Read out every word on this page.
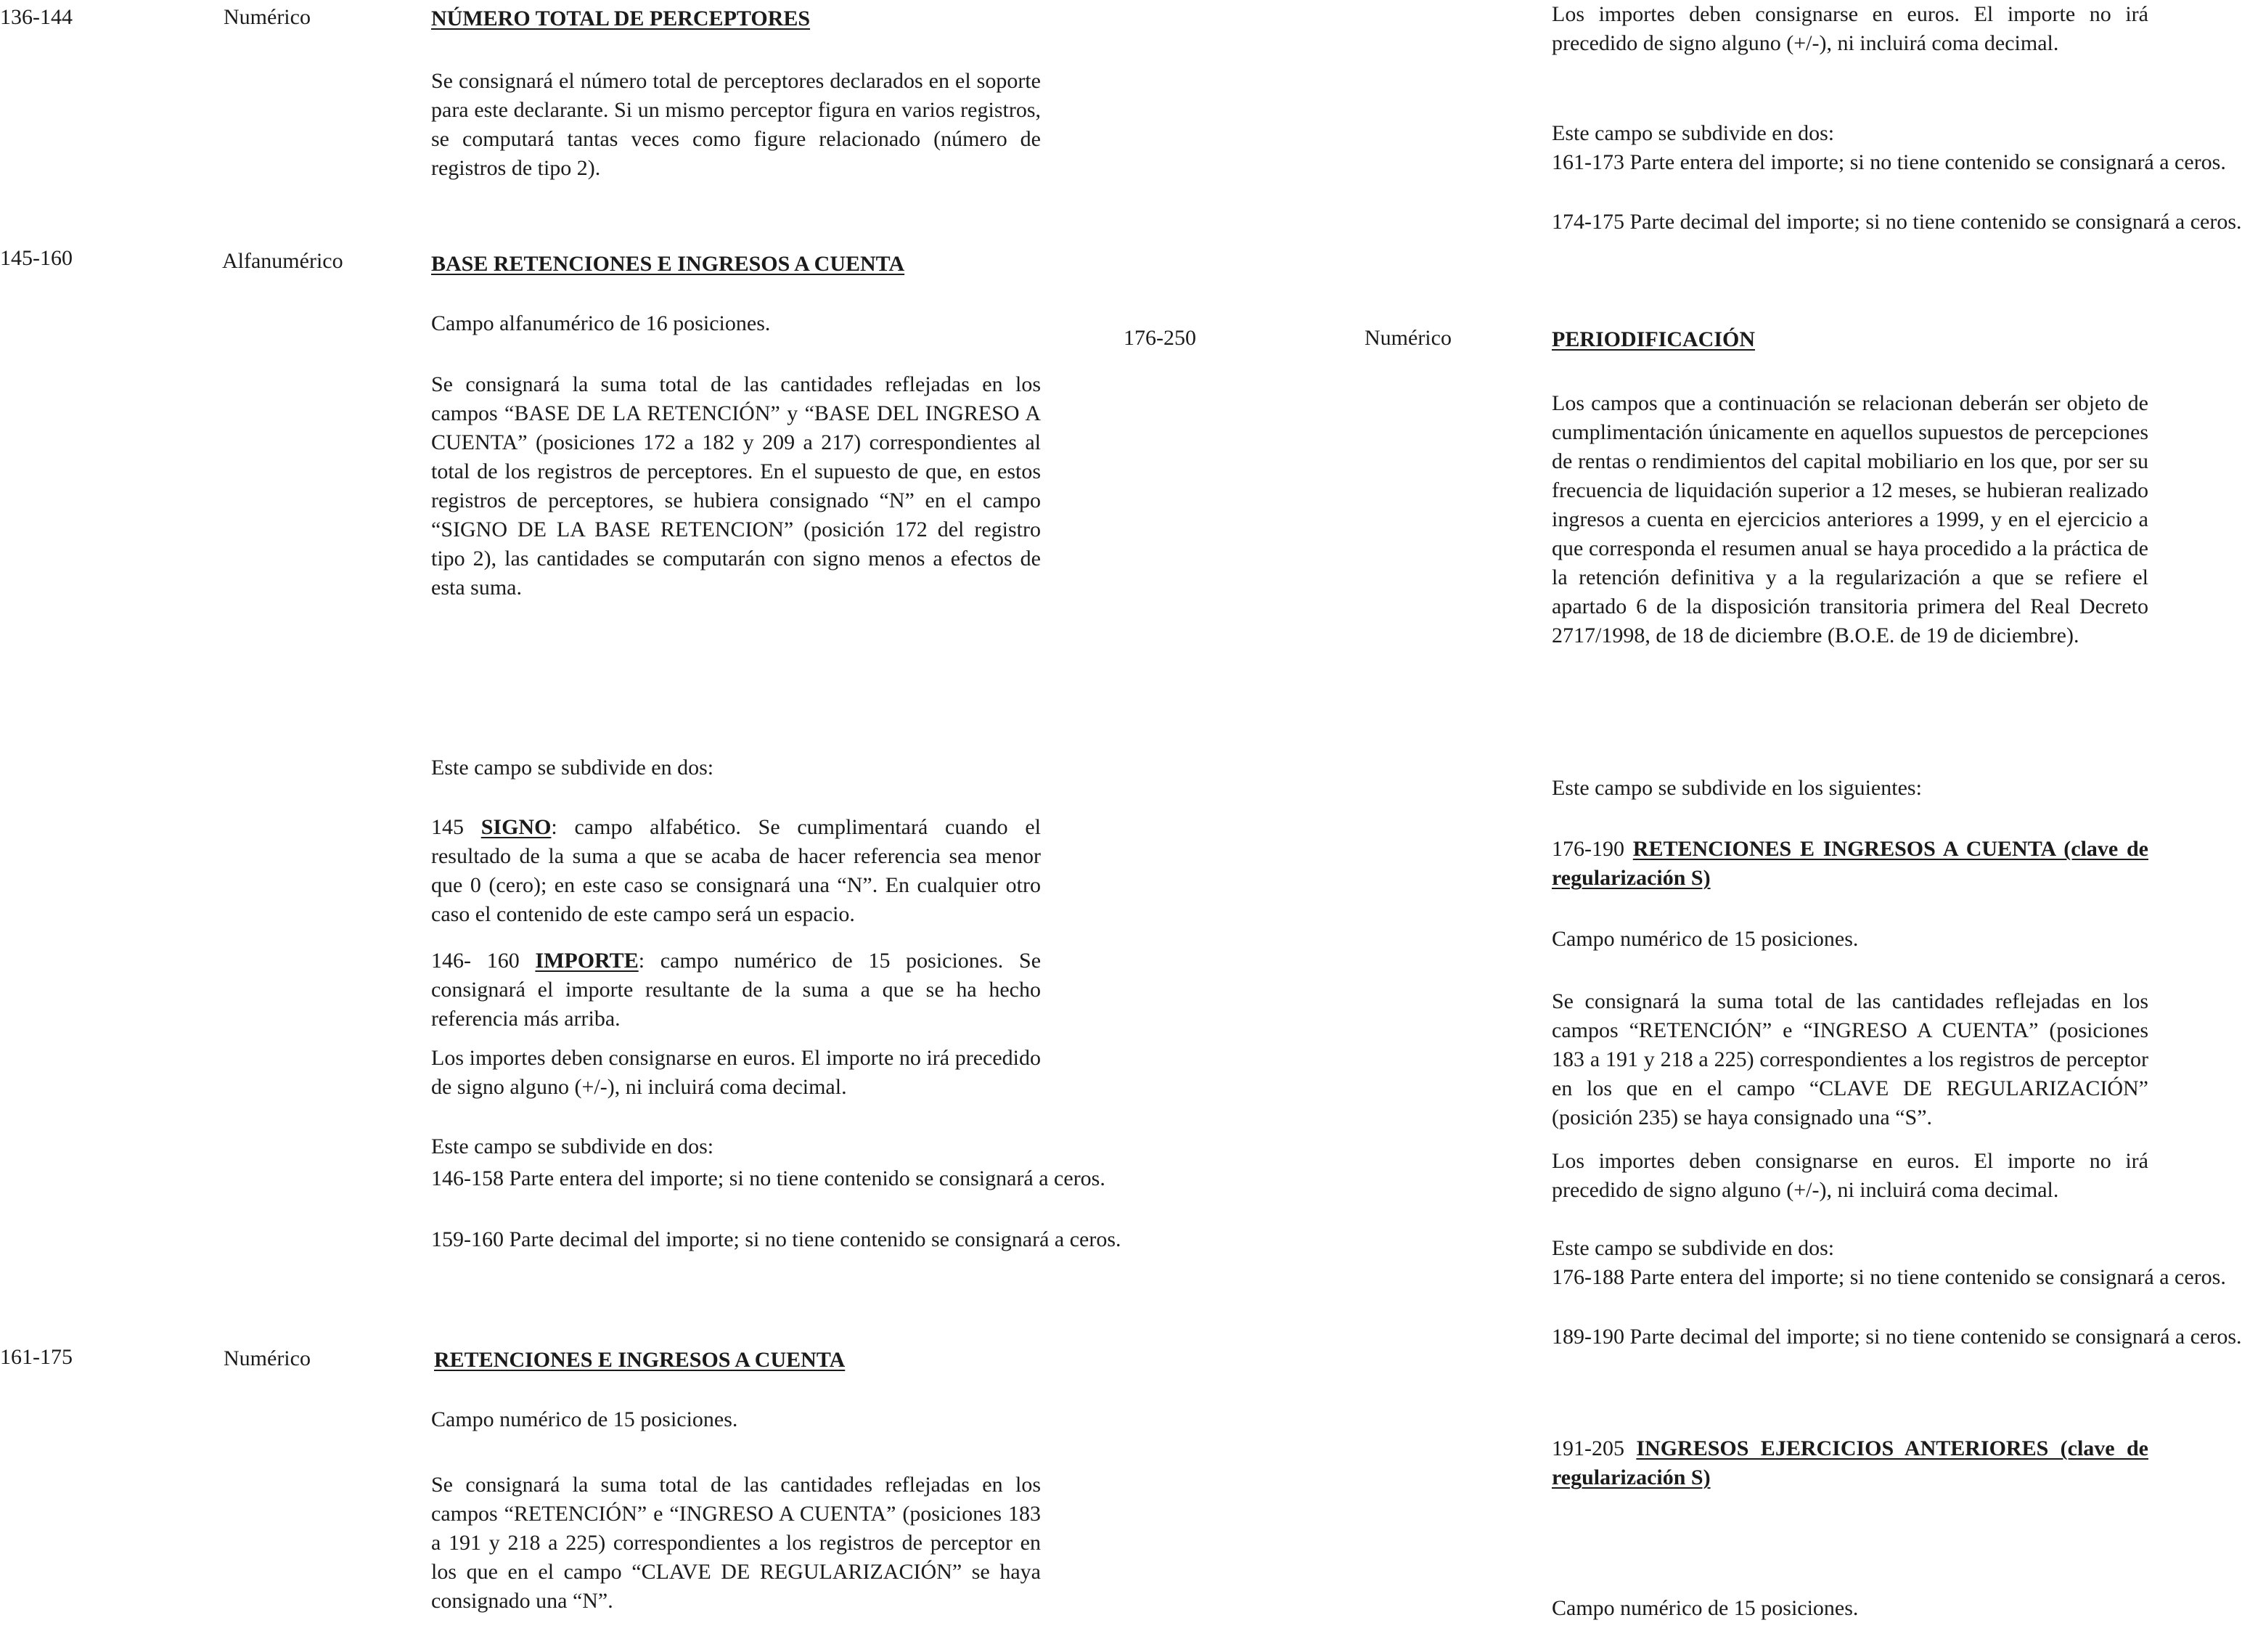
136-144	Numérico	NÚMERO TOTAL DE PERCEPTORES

Se consignará el número total de perceptores declarados en el soporte para este declarante. Si un mismo perceptor figura en varios registros, se computará tantas veces como figure relacionado (número de registros de tipo 2).

145-160	Alfanumérico	BASE RETENCIONES E INGRESOS A CUENTA

Campo alfanumérico de 16 posiciones.

Se consignará la suma total de las cantidades reflejadas en los campos “BASE DE LA RETENCIÓN” y “BASE DEL INGRESO A CUENTA” (posiciones 172 a 182 y 209 a 217) correspondientes al total de los registros de perceptores. En el supuesto de que, en estos registros de perceptores, se hubiera consignado “N” en el campo “SIGNO DE LA BASE RETENCION” (posición 172 del registro tipo 2), las cantidades se computarán con signo menos a efectos de esta suma.

Este campo se subdivide en dos:

145 SIGNO: campo alfabético. Se cumplimentará cuando el resultado de la suma a que se acaba de hacer referencia sea menor que 0 (cero); en este caso se consignará una “N”. En cualquier otro caso el contenido de este campo será un espacio.

146- 160 IMPORTE: campo numérico de 15 posiciones. Se consignará el importe resultante de la suma a que se ha hecho referencia más arriba.

Los importes deben consignarse en euros. El importe no irá precedido de signo alguno (+/-), ni incluirá coma decimal.

Este campo se subdivide en dos:

146-158 Parte entera del importe; si no tiene contenido se consignará a ceros.

159-160 Parte decimal del importe; si no tiene contenido se consignará a ceros.

161-175	Numérico	RETENCIONES E INGRESOS A CUENTA

Campo numérico de 15 posiciones.

Se consignará la suma total de las cantidades reflejadas en los campos “RETENCIÓN” e “INGRESO A CUENTA” (posiciones 183 a 191 y 218 a 225) correspondientes a los registros de perceptor en los que en el campo “CLAVE DE REGULARIZACIÓN” se haya consignado una “N”.

Los importes deben consignarse en euros. El importe no irá precedido de signo alguno (+/-), ni incluirá coma decimal.

Este campo se subdivide en dos:

161-173 Parte entera del importe; si no tiene contenido se consignará a ceros.

174-175 Parte decimal del importe; si no tiene contenido se consignará a ceros.

176-250	Numérico	PERIODIFICACIÓN

Los campos que a continuación se relacionan deberán ser objeto de cumplimentación únicamente en aquellos supuestos de percepciones de rentas o rendimientos del capital mobiliario en los que, por ser su frecuencia de liquidación superior a 12 meses, se hubieran realizado ingresos a cuenta en ejercicios anteriores a 1999, y en el ejercicio a que corresponda el resumen anual se haya procedido a la práctica de la retención definitiva y a la regularización a que se refiere el apartado 6 de la disposición transitoria primera del Real Decreto 2717/1998, de 18 de diciembre (B.O.E. de 19 de diciembre).

Este campo se subdivide en los siguientes:

176-190 RETENCIONES E INGRESOS A CUENTA (clave de regularización S)

Campo numérico de 15 posiciones.

Se consignará la suma total de las cantidades reflejadas en los campos “RETENCIÓN” e “INGRESO A CUENTA” (posiciones 183 a 191 y 218 a 225) correspondientes a los registros de perceptor en los que en el campo “CLAVE DE REGULARIZACIÓN” (posición 235) se haya consignado una “S”.

Los importes deben consignarse en euros. El importe no irá precedido de signo alguno (+/-), ni incluirá coma decimal.

Este campo se subdivide en dos:

176-188 Parte entera del importe; si no tiene contenido se consignará a ceros.

189-190 Parte decimal del importe; si no tiene contenido se consignará a ceros.

191-205 INGRESOS EJERCICIOS ANTERIORES (clave de regularización S)

Campo numérico de 15 posiciones.
